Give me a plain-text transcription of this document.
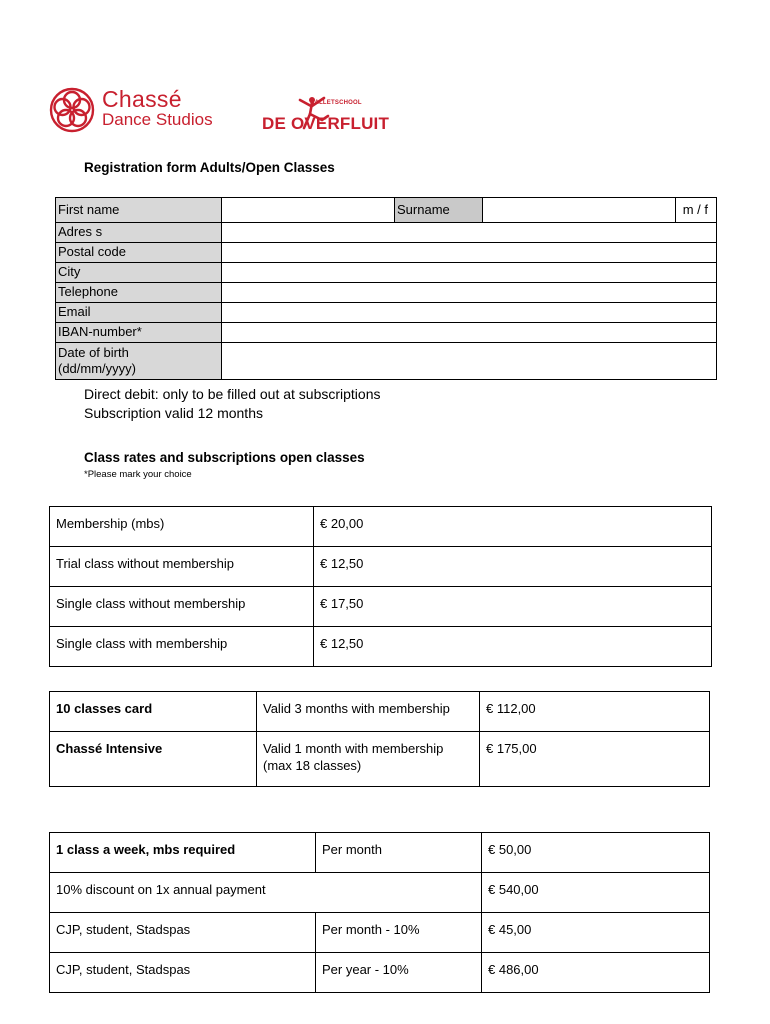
Chassé
Dance Studios
BALLETSCHOOL
DE OVERFLUIT
Registration form Adults/Open Classes
First name		Surname		m / f
Adres s				
Postal code				
City				
Telephone				
Email				
IBAN-number*				
Date of birth
(dd/mm/yyyy)				
Direct debit: only to be filled out at subscriptions
Subscription valid 12 months
Class rates and subscriptions open classes
*Please mark your choice
Membership (mbs)	€ 20,00
Trial class without membership	€ 12,50
Single class without membership	€ 17,50
Single class with membership	€ 12,50
10 classes card	Valid 3 months with membership	€ 112,00
Chassé Intensive	Valid 1 month with membership
(max 18 classes)	€ 175,00
1 class a week, mbs required	Per month	€ 50,00
10% discount on 1x annual payment		€ 540,00
CJP, student, Stadspas	Per month - 10%	€ 45,00
CJP, student, Stadspas	Per year - 10%	€ 486,00
